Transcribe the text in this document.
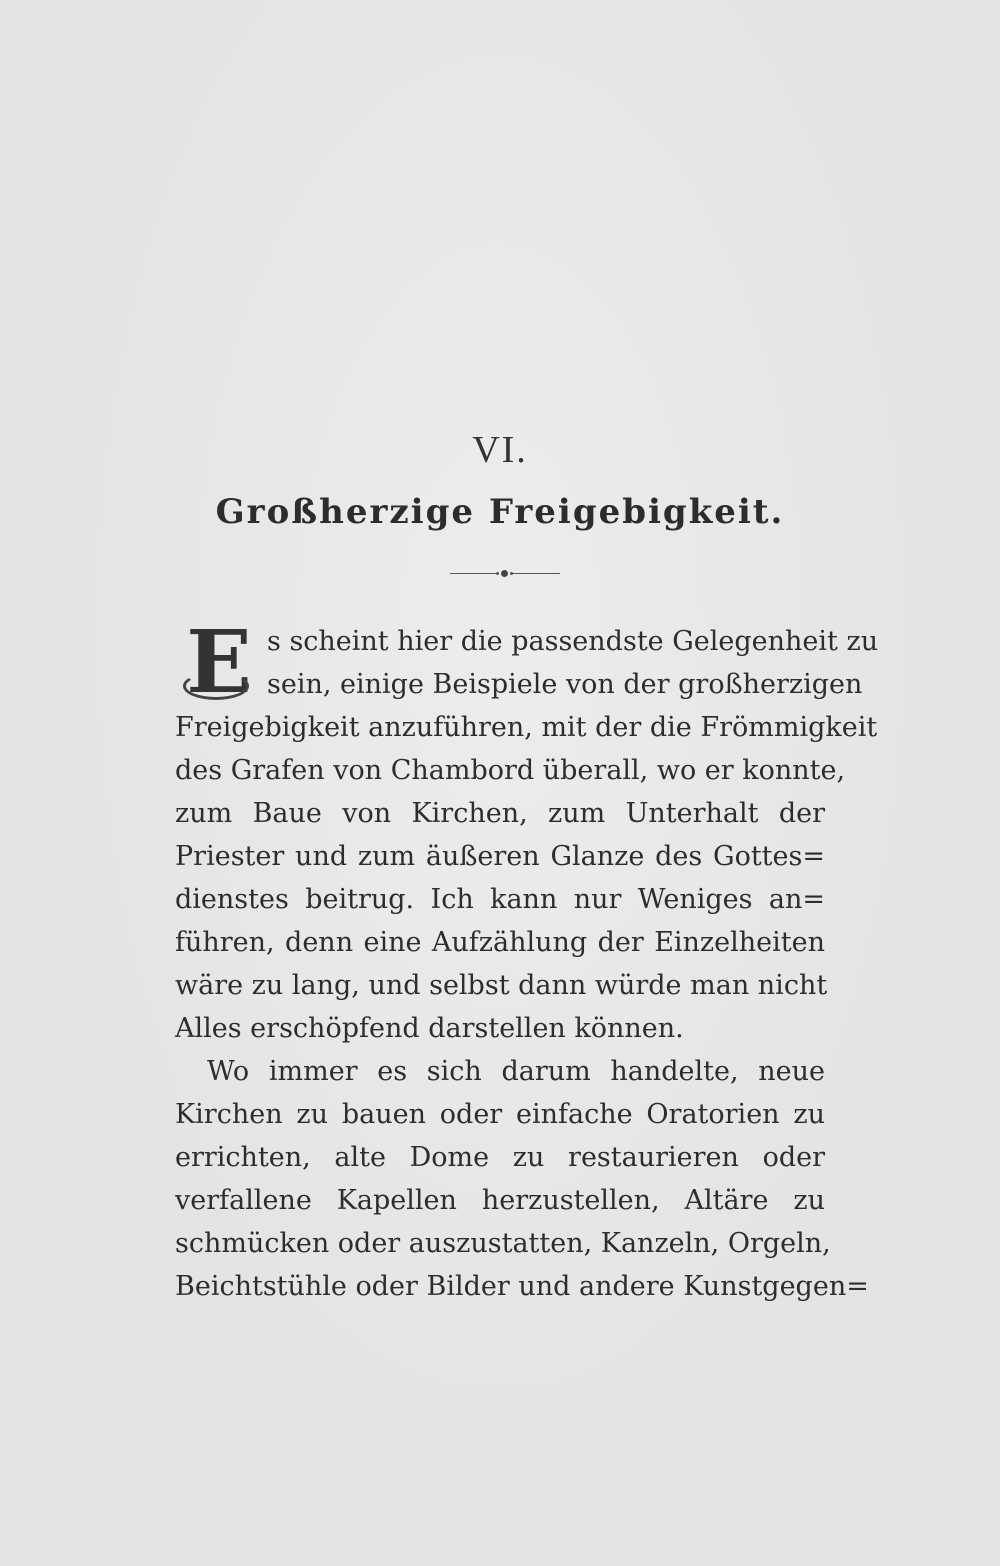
VI.
Großherzige Freigebigkeit.
E s scheint hier die passendste Gelegenheit zu
sein, einige Beispiele von der großherzigen
Freigebigkeit anzuführen, mit der die Frömmigkeit
des Grafen von Chambord überall, wo er konnte,
zum Baue von Kirchen, zum Unterhalt der
Priester und zum äußeren Glanze des Gottes=
dienstes beitrug. Ich kann nur Weniges an=
führen, denn eine Aufzählung der Einzelheiten
wäre zu lang, und selbst dann würde man nicht
Alles erschöpfend darstellen können.
Wo immer es sich darum handelte, neue
Kirchen zu bauen oder einfache Oratorien zu
errichten, alte Dome zu restaurieren oder
verfallene Kapellen herzustellen, Altäre zu
schmücken oder auszustatten, Kanzeln, Orgeln,
Beichtstühle oder Bilder und andere Kunstgegen=
